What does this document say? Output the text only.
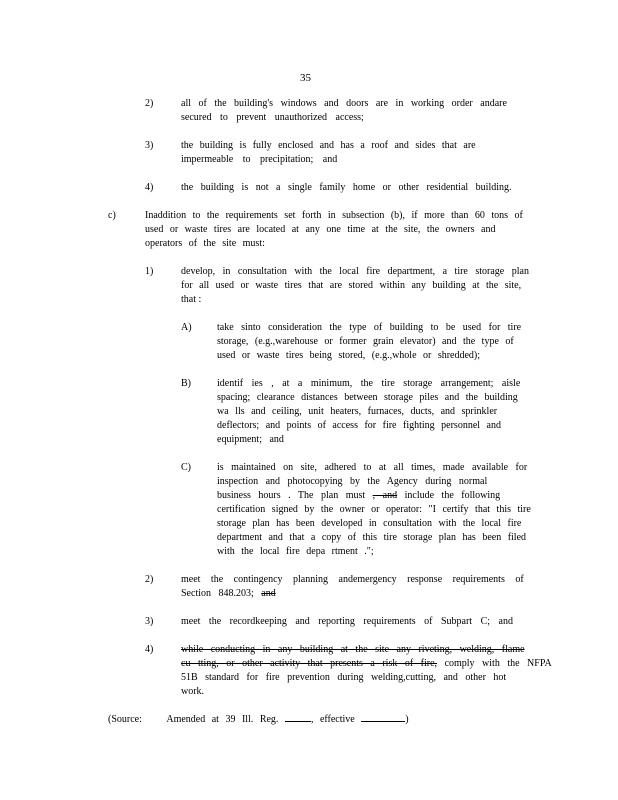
35
2)	all of the building's windows and doors are in working order andare
secured to prevent unauthorized access;
3)	the building is fully enclosed and has a roof and sides that are
impermeable to precipitation; and
4)	the building is not a single family home or other residential building.
c)	Inaddition to the requirements set forth in subsection (b), if more than 60 tons of
used or waste tires are located at any one time at the site, the owners and
operators of the site must:
1)	develop, in consultation with the local fire department, a tire storage plan
for all used or waste tires that are stored within any building at the site,
that :
A)	take sinto consideration the type of building to be used for tire
storage, (e.g.,warehouse or former grain elevator) and the type of
used or waste tires being stored, (e.g.,whole or shredded);
B)	identif ies , at a minimum, the tire storage arrangement; aisle
spacing; clearance distances between storage piles and the building
wa lls and ceiling, unit heaters, furnaces, ducts, and sprinkler
deflectors; and points of access for fire fighting personnel and
equipment; and
C)	is maintained on site, adhered to at all times, made available for
inspection and photocopying by the Agency during normal
business hours . The plan must , and include the following
certification signed by the owner or operator: "I certify that this tire
storage plan has been developed in consultation with the local fire
department and that a copy of this tire storage plan has been filed
with the local fire depa rtment .";
2)	meet the contingency planning andemergency response requirements of
Section 848.203; and
3)	meet the recordkeeping and reporting requirements of Subpart C; and
4)	while conducting in any building at the site any riveting, welding, flame
cu tting, or other activity that presents a risk of fire, comply with the NFPA
51B standard for fire prevention during welding,cutting, and other hot
work.
(Source: Amended at 39 Ill. Reg.	, effective	)
